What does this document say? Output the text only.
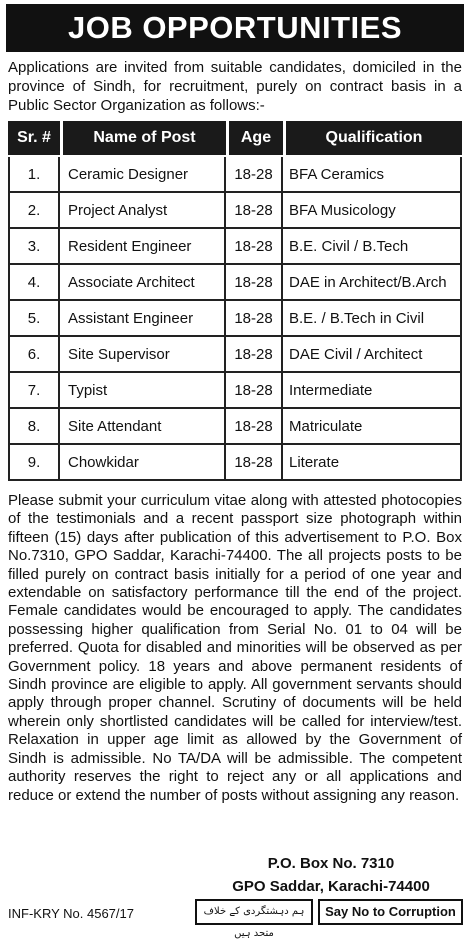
JOB OPPORTUNITIES
Applications are invited from suitable candidates, domiciled in the province of Sindh, for recruitment, purely on contract basis in a Public Sector Organization as follows:-
Sr. #	Name of Post	Age	Qualification

1.	Ceramic Designer	18-28	BFA Ceramics
2.	Project Analyst	18-28	BFA Musicology
3.	Resident Engineer	18-28	B.E. Civil / B.Tech
4.	Associate Architect	18-28	DAE in Architect/B.Arch
5.	Assistant Engineer	18-28	B.E. / B.Tech in Civil
6.	Site Supervisor	18-28	DAE Civil / Architect
7.	Typist	18-28	Intermediate
8.	Site Attendant	18-28	Matriculate
9.	Chowkidar	18-28	Literate
Please submit your curriculum vitae along with attested photocopies of the testimonials and a recent passport size photograph within fifteen (15) days after publication of this advertisement to P.O. Box No.7310, GPO Saddar, Karachi-74400. The all projects posts to be filled purely on contract basis initially for a period of one year and extendable on satisfactory performance till the end of the project. Female candidates would be encouraged to apply. The candidates possessing higher qualification from Serial No. 01 to 04 will be preferred. Quota for disabled and minorities will be observed as per Government policy. 18 years and above permanent residents of Sindh province are eligible to apply. All government servants should apply through proper channel. Scrutiny of documents will be held wherein only shortlisted candidates will be called for interview/test. Relaxation in upper age limit as allowed by the Government of Sindh is admissible. No TA/DA will be admissible. The competent authority reserves the right to reject any or all applications and reduce or extend the number of posts without assigning any reason.
P.O. Box No. 7310
GPO Saddar, Karachi-74400
INF-KRY No. 4567/17	ہم دہشتگردی کے خلاف متحد ہیں
Say No to Corruption
